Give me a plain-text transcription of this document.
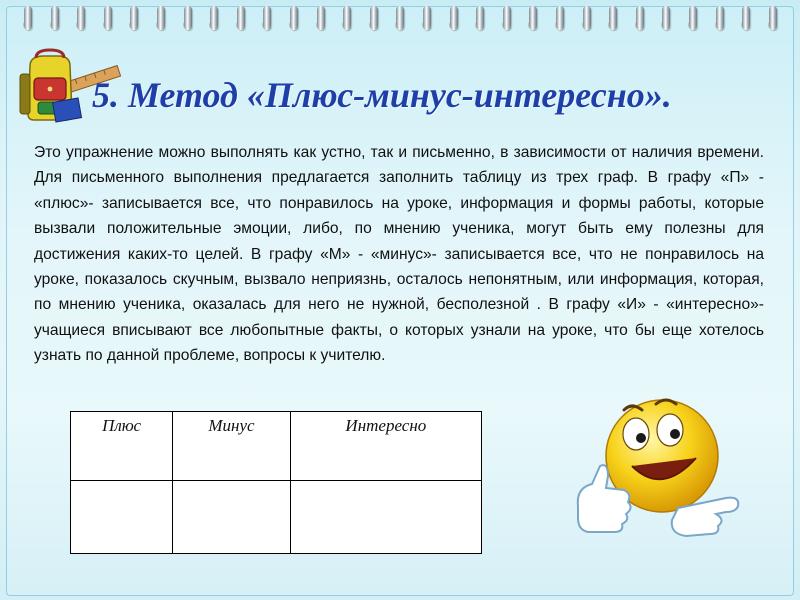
5. Метод «Плюс-минус-интересно».
Это упражнение можно выполнять как устно, так и письменно, в зависимости от наличия времени. Для письменного выполнения предлагается заполнить таблицу из трех граф. В графу «П» - «плюс»- записывается все, что понравилось на уроке, информация и формы работы, которые вызвали положительные эмоции, либо, по мнению ученика, могут быть ему полезны для достижения каких-то целей. В графу «М» - «минус»- записывается все, что не понравилось на уроке, показалось скучным, вызвало неприязнь, осталось непонятным, или информация, которая, по мнению ученика, оказалась для него не нужной, бесполезной . В графу «И» - «интересно»- учащиеся вписывают все любопытные факты, о которых узнали на уроке, что бы еще хотелось узнать по данной проблеме, вопросы к учителю.
Плюс	Минус	Интересно
